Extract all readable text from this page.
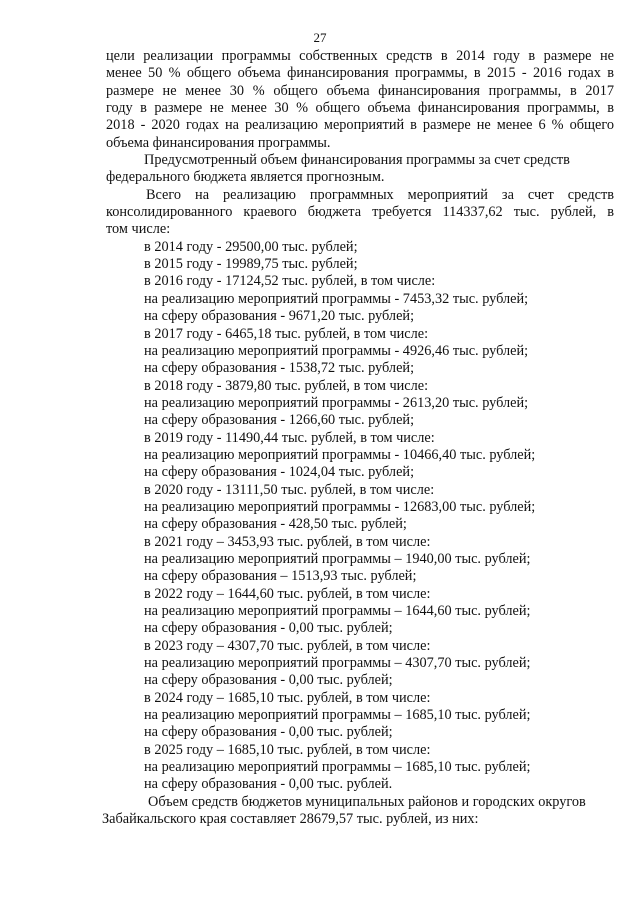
27
цели реализации программы собственных средств в 2014 году в размере не
менее 50 % общего объема финансирования программы, в 2015 - 2016 годах в
размере не менее 30 % общего объема финансирования программы, в 2017
году в размере не менее 30 % общего объема финансирования программы, в
2018 - 2020 годах на реализацию мероприятий в размере не менее 6 % общего
объема финансирования программы.
Предусмотренный объем финансирования программы за счет средств
федерального бюджета является прогнозным.
Всего на реализацию программных мероприятий за счет средств
консолидированного краевого бюджета требуется 114337,62 тыс. рублей, в
том числе:
в 2014 году - 29500,00 тыс. рублей;
в 2015 году - 19989,75 тыс. рублей;
в 2016 году - 17124,52 тыс. рублей, в том числе:
на реализацию мероприятий программы - 7453,32 тыс. рублей;
на сферу образования - 9671,20 тыс. рублей;
в 2017 году - 6465,18 тыс. рублей, в том числе:
на реализацию мероприятий программы - 4926,46 тыс. рублей;
на сферу образования - 1538,72 тыс. рублей;
в 2018 году - 3879,80 тыс. рублей, в том числе:
на реализацию мероприятий программы - 2613,20 тыс. рублей;
на сферу образования - 1266,60 тыс. рублей;
в 2019 году - 11490,44 тыс. рублей, в том числе:
на реализацию мероприятий программы - 10466,40 тыс. рублей;
на сферу образования - 1024,04 тыс. рублей;
в 2020 году - 13111,50 тыс. рублей, в том числе:
на реализацию мероприятий программы - 12683,00 тыс. рублей;
на сферу образования - 428,50 тыс. рублей;
в 2021 году – 3453,93 тыс. рублей, в том числе:
на реализацию мероприятий программы – 1940,00 тыс. рублей;
на сферу образования – 1513,93 тыс. рублей;
в 2022 году – 1644,60 тыс. рублей, в том числе:
на реализацию мероприятий программы – 1644,60 тыс. рублей;
на сферу образования - 0,00 тыс. рублей;
в 2023 году – 4307,70 тыс. рублей, в том числе:
на реализацию мероприятий программы – 4307,70 тыс. рублей;
на сферу образования - 0,00 тыс. рублей;
в 2024 году – 1685,10 тыс. рублей, в том числе:
на реализацию мероприятий программы – 1685,10 тыс. рублей;
на сферу образования - 0,00 тыс. рублей;
в 2025 году – 1685,10 тыс. рублей, в том числе:
на реализацию мероприятий программы – 1685,10 тыс. рублей;
на сферу образования - 0,00 тыс. рублей.
Объем средств бюджетов муниципальных районов и городских округов
Забайкальского края составляет 28679,57 тыс. рублей, из них:
